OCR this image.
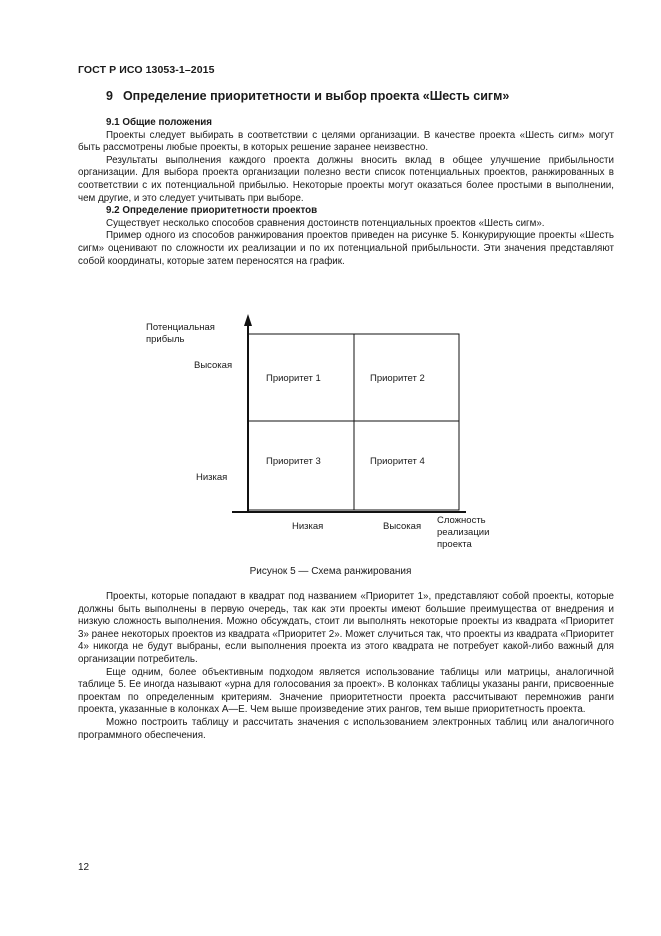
ГОСТ Р ИСО 13053-1–2015
9 Определение приоритетности и выбор проекта «Шесть сигм»
9.1 Общие положения

Проекты следует выбирать в соответствии с целями организации. В качестве проекта «Шесть сигм» могут быть рассмотрены любые проекты, в которых решение заранее неизвестно.

Результаты выполнения каждого проекта должны вносить вклад в общее улучшение прибыльности организации. Для выбора проекта организации полезно вести список потенциальных проектов, ранжированных в соответствии с их потенциальной прибылью. Некоторые проекты могут оказаться более простыми в выполнении, чем другие, и это следует учитывать при выборе.

9.2 Определение приоритетности проектов

Существует несколько способов сравнения достоинств потенциальных проектов «Шесть сигм».

Пример одного из способов ранжирования проектов приведен на рисунке 5. Конкурирующие проекты «Шесть сигм» оценивают по сложности их реализации и по их потенциальной прибыльности. Эти значения представляют собой координаты, которые затем переносятся на график.

Потенциальная прибыль
Высокая
Низкая
Приоритет 1	Приоритет 2
Приоритет 3	Приоритет 4
Низкая	Высокая
Сложность реализации проекта
Рисунок 5 — Схема ранжирования

Проекты, которые попадают в квадрат под названием «Приоритет 1», представляют собой проекты, которые должны быть выполнены в первую очередь, так как эти проекты имеют большие преимущества от внедрения и низкую сложность выполнения. Можно обсуждать, стоит ли выполнять некоторые проекты из квадрата «Приоритет 3» ранее некоторых проектов из квадрата «Приоритет 2». Может случиться так, что проекты из квадрата «Приоритет 4» никогда не будут выбраны, если выполнения проекта из этого квадрата не потребует какой-либо важный для организации потребитель.

Еще одним, более объективным подходом является использование таблицы или матрицы, аналогичной таблице 5. Ее иногда называют «урна для голосования за проект». В колонках таблицы указаны ранги, присвоенные проектам по определенным критериям. Значение приоритетности проекта рассчитывают перемножив ранги проекта, указанные в колонках A—E. Чем выше произведение этих рангов, тем выше приоритетность проекта.

Можно построить таблицу и рассчитать значения с использованием электронных таблиц или аналогичного программного обеспечения.

12
